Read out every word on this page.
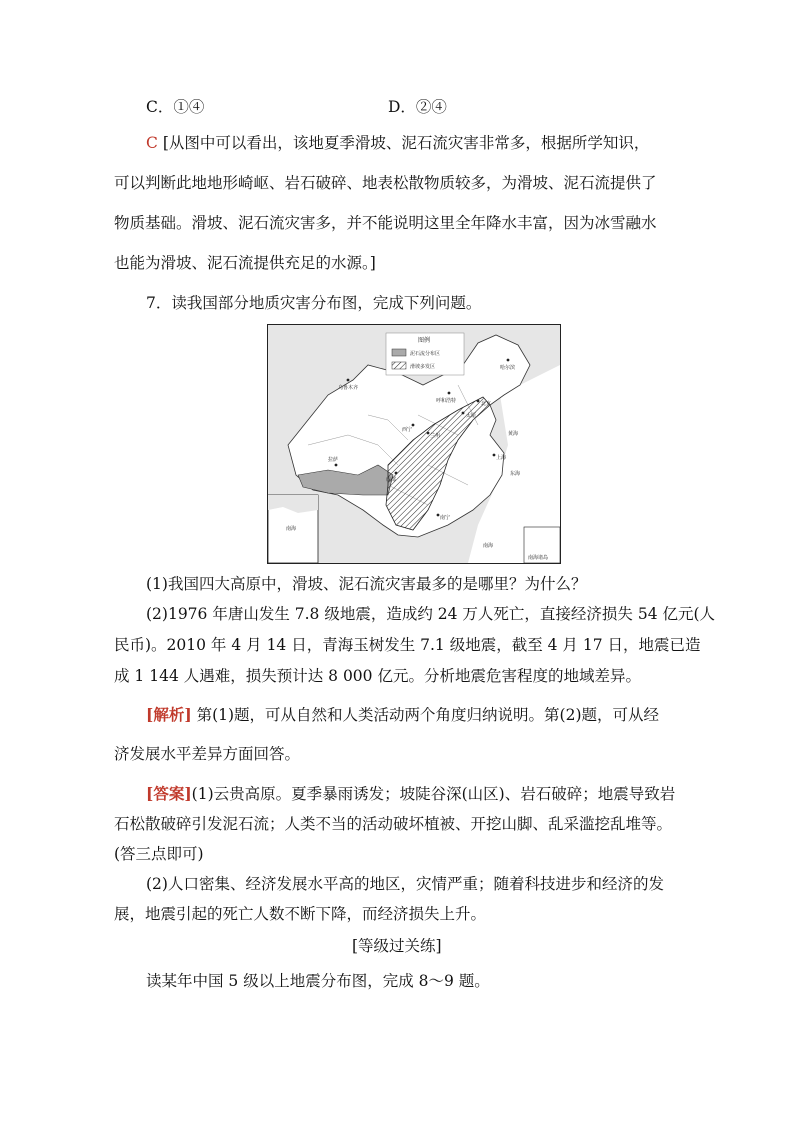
C．①④	D．②④
C [从图中可以看出，该地夏季滑坡、泥石流灾害非常多，根据所学知识，
可以判断此地地形崎岖、岩石破碎、地表松散物质较多，为滑坡、泥石流提供了
物质基础。滑坡、泥石流灾害多，并不能说明这里全年降水丰富，因为冰雪融水
也能为滑坡、泥石流提供充足的水源。]
7．读我国部分地质灾害分布图，完成下列问题。
图例
泥石流分布区
滑坡多发区
乌鲁木齐
哈尔滨
呼和浩特	北京
太原
西宁
兰州
拉萨
成都
上海
南宁
黄海
东海
南海
南海
南海诸岛
(1)我国四大高原中，滑坡、泥石流灾害最多的是哪里？为什么？
(2)1976 年唐山发生 7.8 级地震，造成约 24 万人死亡，直接经济损失 54 亿元(人
民币)。2010 年 4 月 14 日，青海玉树发生 7.1 级地震，截至 4 月 17 日，地震已造
成 1 144 人遇难，损失预计达 8 000 亿元。分析地震危害程度的地域差异。
[解析] 第(1)题，可从自然和人类活动两个角度归纳说明。第(2)题，可从经
济发展水平差异方面回答。
[答案](1)云贵高原。夏季暴雨诱发；坡陡谷深(山区)、岩石破碎；地震导致岩
石松散破碎引发泥石流；人类不当的活动破坏植被、开挖山脚、乱采滥挖乱堆等。
(答三点即可)
(2)人口密集、经济发展水平高的地区，灾情严重；随着科技进步和经济的发
展，地震引起的死亡人数不断下降，而经济损失上升。
[等级过关练]
读某年中国 5 级以上地震分布图，完成 8～9 题。
